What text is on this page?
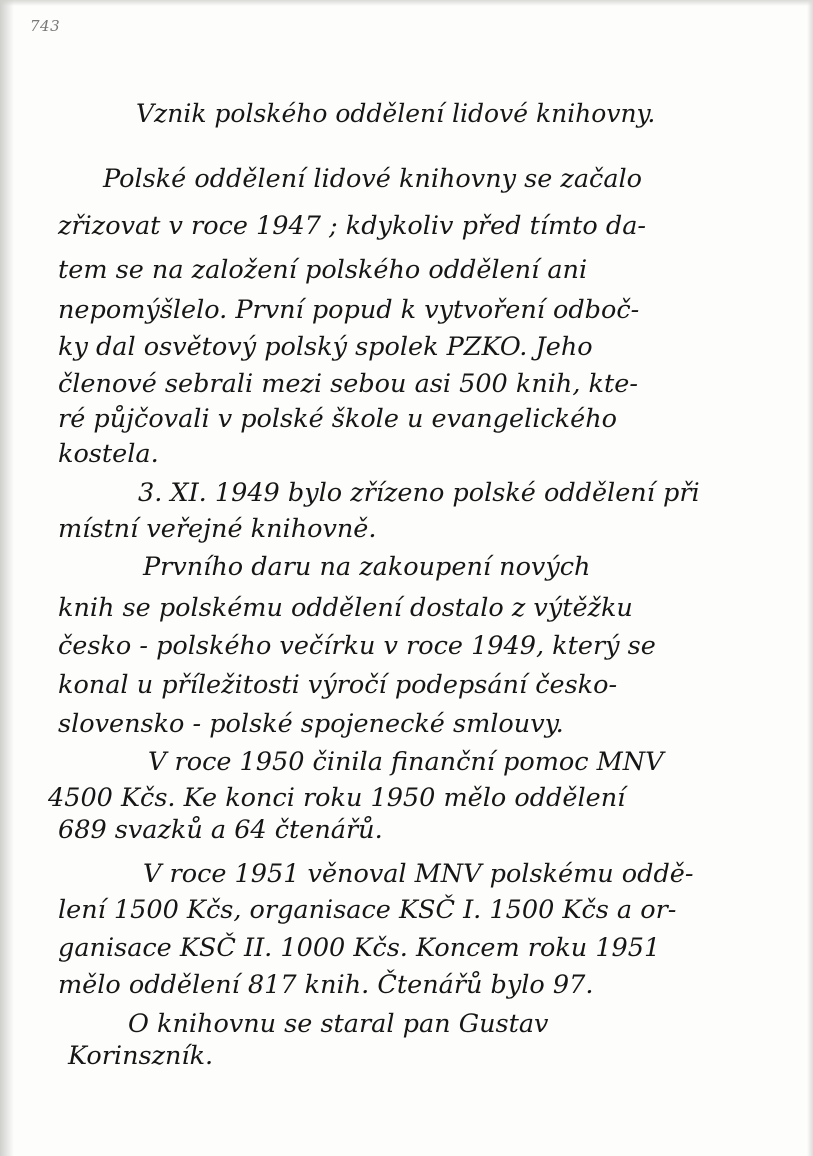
743
Vznik polského oddělení lidové knihovny.
Polské oddělení lidové knihovny se začalo
zřizovat v roce 1947 ; kdykoliv před tímto da-
tem se na založení polského oddělení ani
nepomýšlelo. První popud k vytvoření odboč-
ky dal osvětový polský spolek PZKO. Jeho
členové sebrali mezi sebou asi 500 knih, kte-
ré půjčovali v polské škole u evangelického
kostela.
3. XI. 1949 bylo zřízeno polské oddělení při
místní veřejné knihovně.
Prvního daru na zakoupení nových
knih se polskému oddělení dostalo z výtěžku
česko - polského večírku v roce 1949, který se
konal u příležitosti výročí podepsání česko-
slovensko - polské spojenecké smlouvy.
V roce 1950 činila finanční pomoc MNV
4500 Kčs. Ke konci roku 1950 mělo oddělení
689 svazků a 64 čtenářů.
V roce 1951 věnoval MNV polskému oddě-
lení 1500 Kčs, organisace KSČ I. 1500 Kčs a or-
ganisace KSČ II. 1000 Kčs. Koncem roku 1951
mělo oddělení 817 knih. Čtenářů bylo 97.
O knihovnu se staral pan Gustav
Korinszník.
